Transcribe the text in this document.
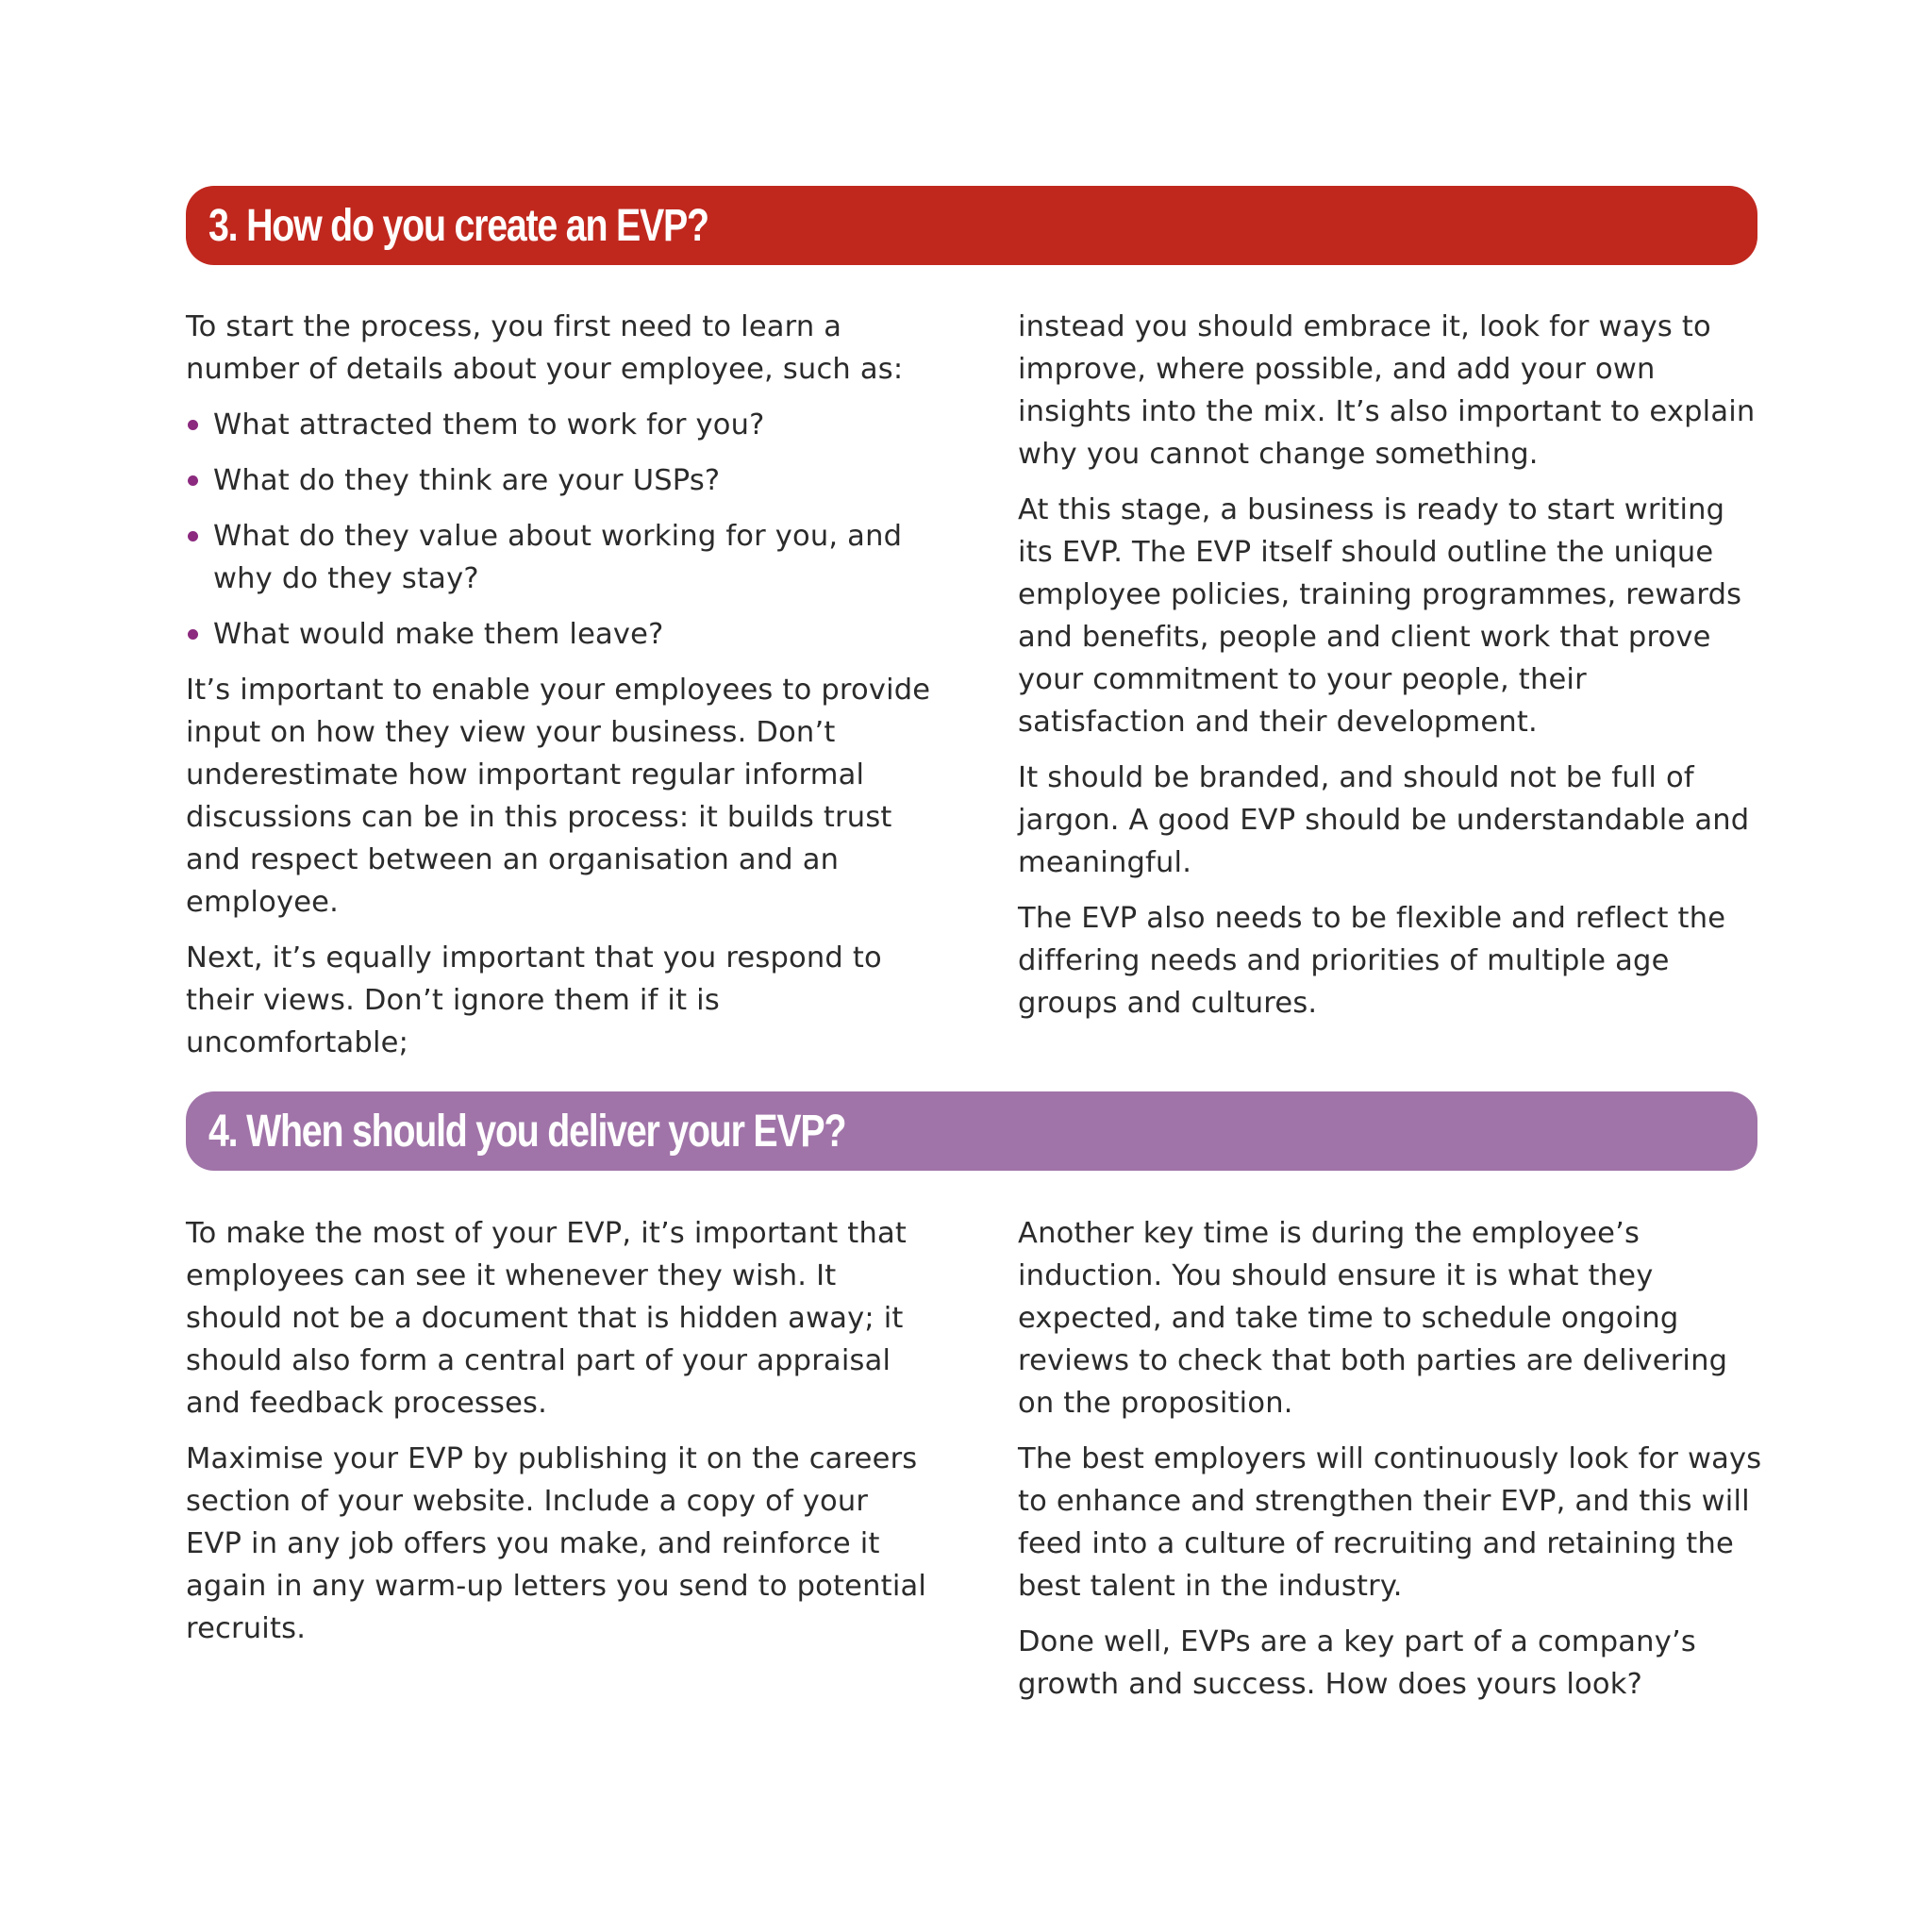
3. How do you create an EVP?

To start the process, you first need to learn a number of details about your employee, such as:

What attracted them to work for you?
What do they think are your USPs?
What do they value about working for you, and why do they stay?
What would make them leave?

It’s important to enable your employees to provide input on how they view your business. Don’t underestimate how important regular informal discussions can be in this process: it builds trust and respect between an organisation and an employee.

Next, it’s equally important that you respond to their views. Don’t ignore them if it is uncomfortable;

instead you should embrace it, look for ways to improve, where possible, and add your own insights into the mix. It’s also important to explain why you cannot change something.

At this stage, a business is ready to start writing its EVP. The EVP itself should outline the unique employee policies, training programmes, rewards and benefits, people and client work that prove your commitment to your people, their satisfaction and their development.

It should be branded, and should not be full of jargon. A good EVP should be understandable and meaningful.

The EVP also needs to be flexible and reflect the differing needs and priorities of multiple age groups and cultures.

4. When should you deliver your EVP?

To make the most of your EVP, it’s important that employees can see it whenever they wish. It should not be a document that is hidden away; it should also form a central part of your appraisal and feedback processes.

Maximise your EVP by publishing it on the careers section of your website. Include a copy of your EVP in any job offers you make, and reinforce it again in any warm-up letters you send to potential recruits.

Another key time is during the employee’s induction. You should ensure it is what they expected, and take time to schedule ongoing reviews to check that both parties are delivering on the proposition.

The best employers will continuously look for ways to enhance and strengthen their EVP, and this will feed into a culture of recruiting and retaining the best talent in the industry.

Done well, EVPs are a key part of a company’s growth and success. How does yours look?
